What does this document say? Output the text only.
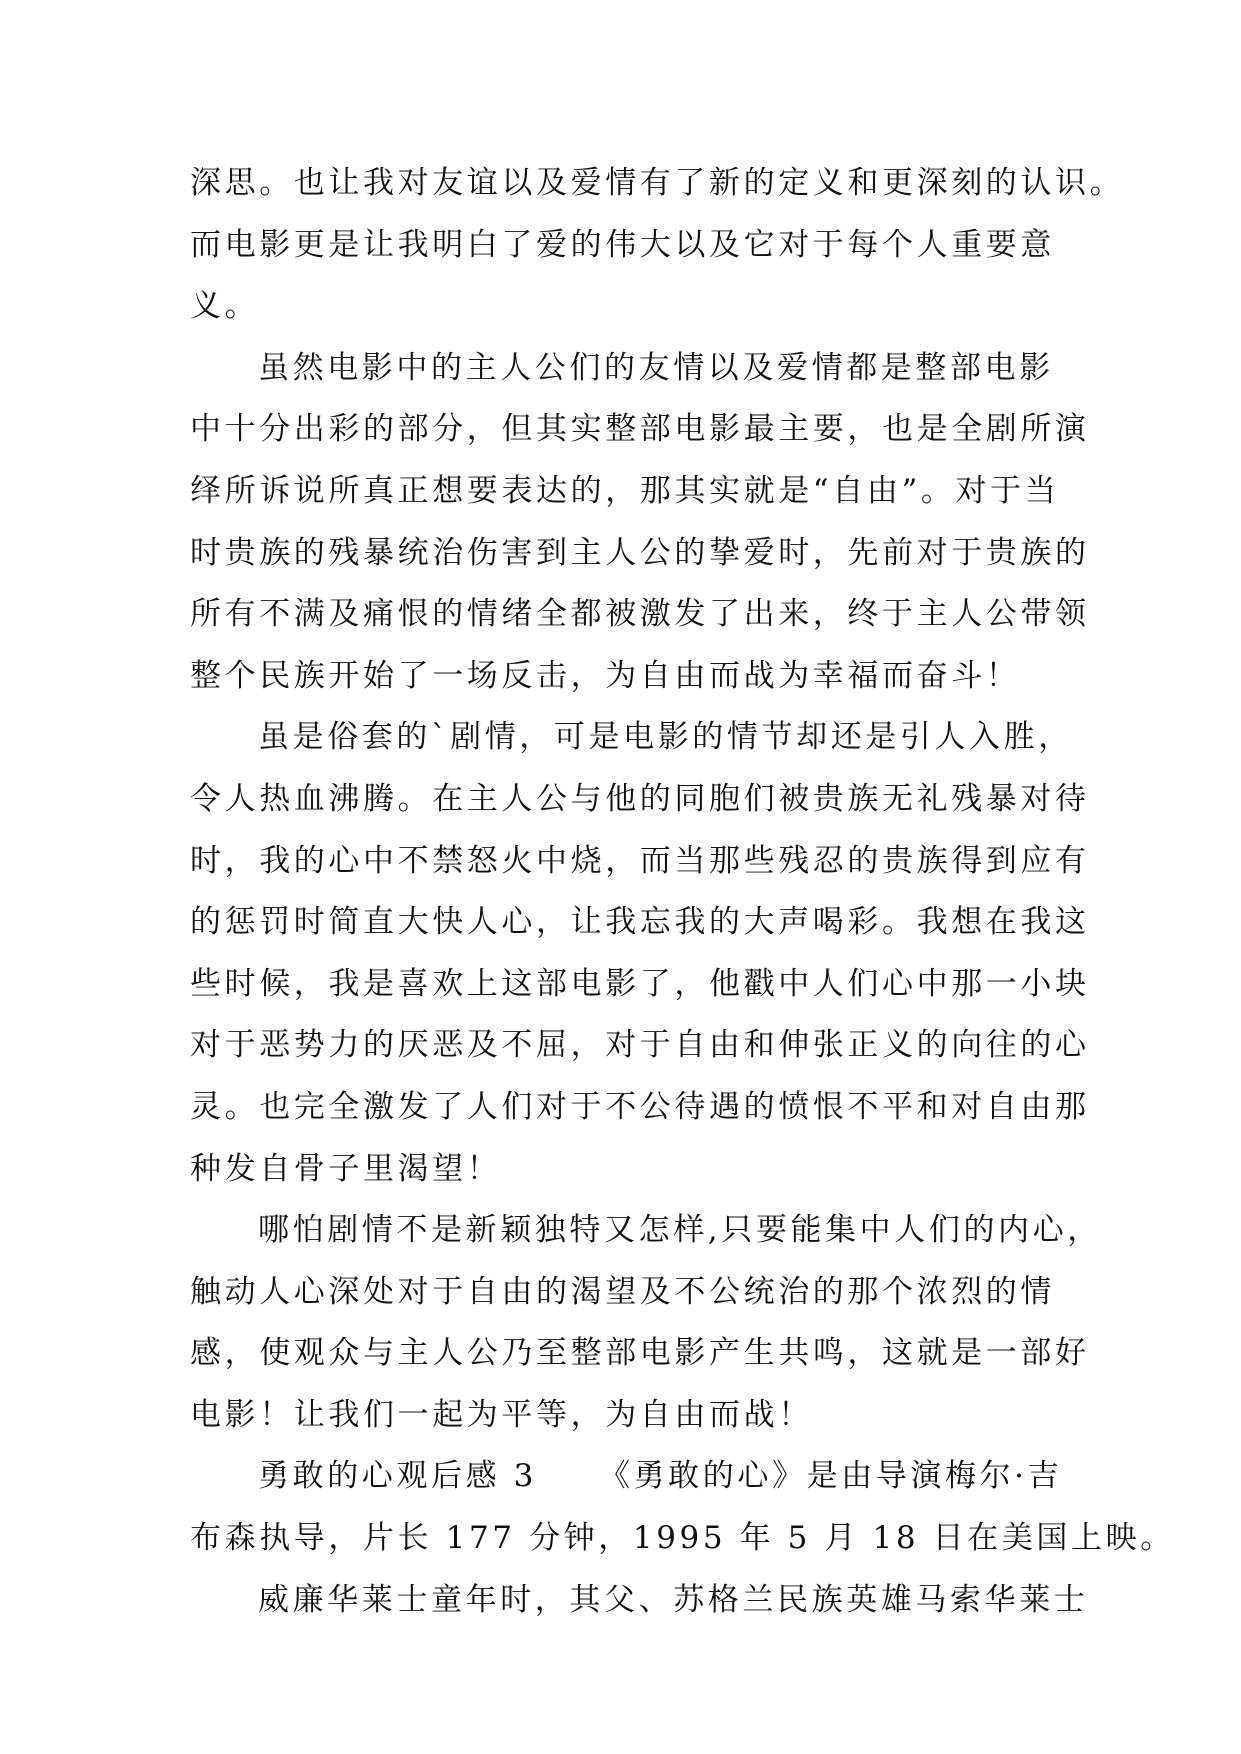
深思。也让我对友谊以及爱情有了新的定义和更深刻的认识。
而电影更是让我明白了爱的伟大以及它对于每个人重要意
义。
虽然电影中的主人公们的友情以及爱情都是整部电影
中十分出彩的部分，但其实整部电影最主要，也是全剧所演
绎所诉说所真正想要表达的，那其实就是“自由”。对于当
时贵族的残暴统治伤害到主人公的挚爱时，先前对于贵族的
所有不满及痛恨的情绪全都被激发了出来，终于主人公带领
整个民族开始了一场反击，为自由而战为幸福而奋斗！
虽是俗套的`剧情，可是电影的情节却还是引人入胜，
令人热血沸腾。在主人公与他的同胞们被贵族无礼残暴对待
时，我的心中不禁怒火中烧，而当那些残忍的贵族得到应有
的惩罚时简直大快人心，让我忘我的大声喝彩。我想在我这
些时候，我是喜欢上这部电影了，他戳中人们心中那一小块
对于恶势力的厌恶及不屈，对于自由和伸张正义的向往的心
灵。也完全激发了人们对于不公待遇的愤恨不平和对自由那
种发自骨子里渴望！
哪怕剧情不是新颖独特又怎样,只要能集中人们的内心，
触动人心深处对于自由的渴望及不公统治的那个浓烈的情
感，使观众与主人公乃至整部电影产生共鸣，这就是一部好
电影！让我们一起为平等，为自由而战！
勇敢的心观后感 3 《勇敢的心》是由导演梅尔·吉
布森执导，片长 177 分钟，1995 年 5 月 18 日在美国上映。
威廉华莱士童年时，其父、苏格兰民族英雄马索华莱士
